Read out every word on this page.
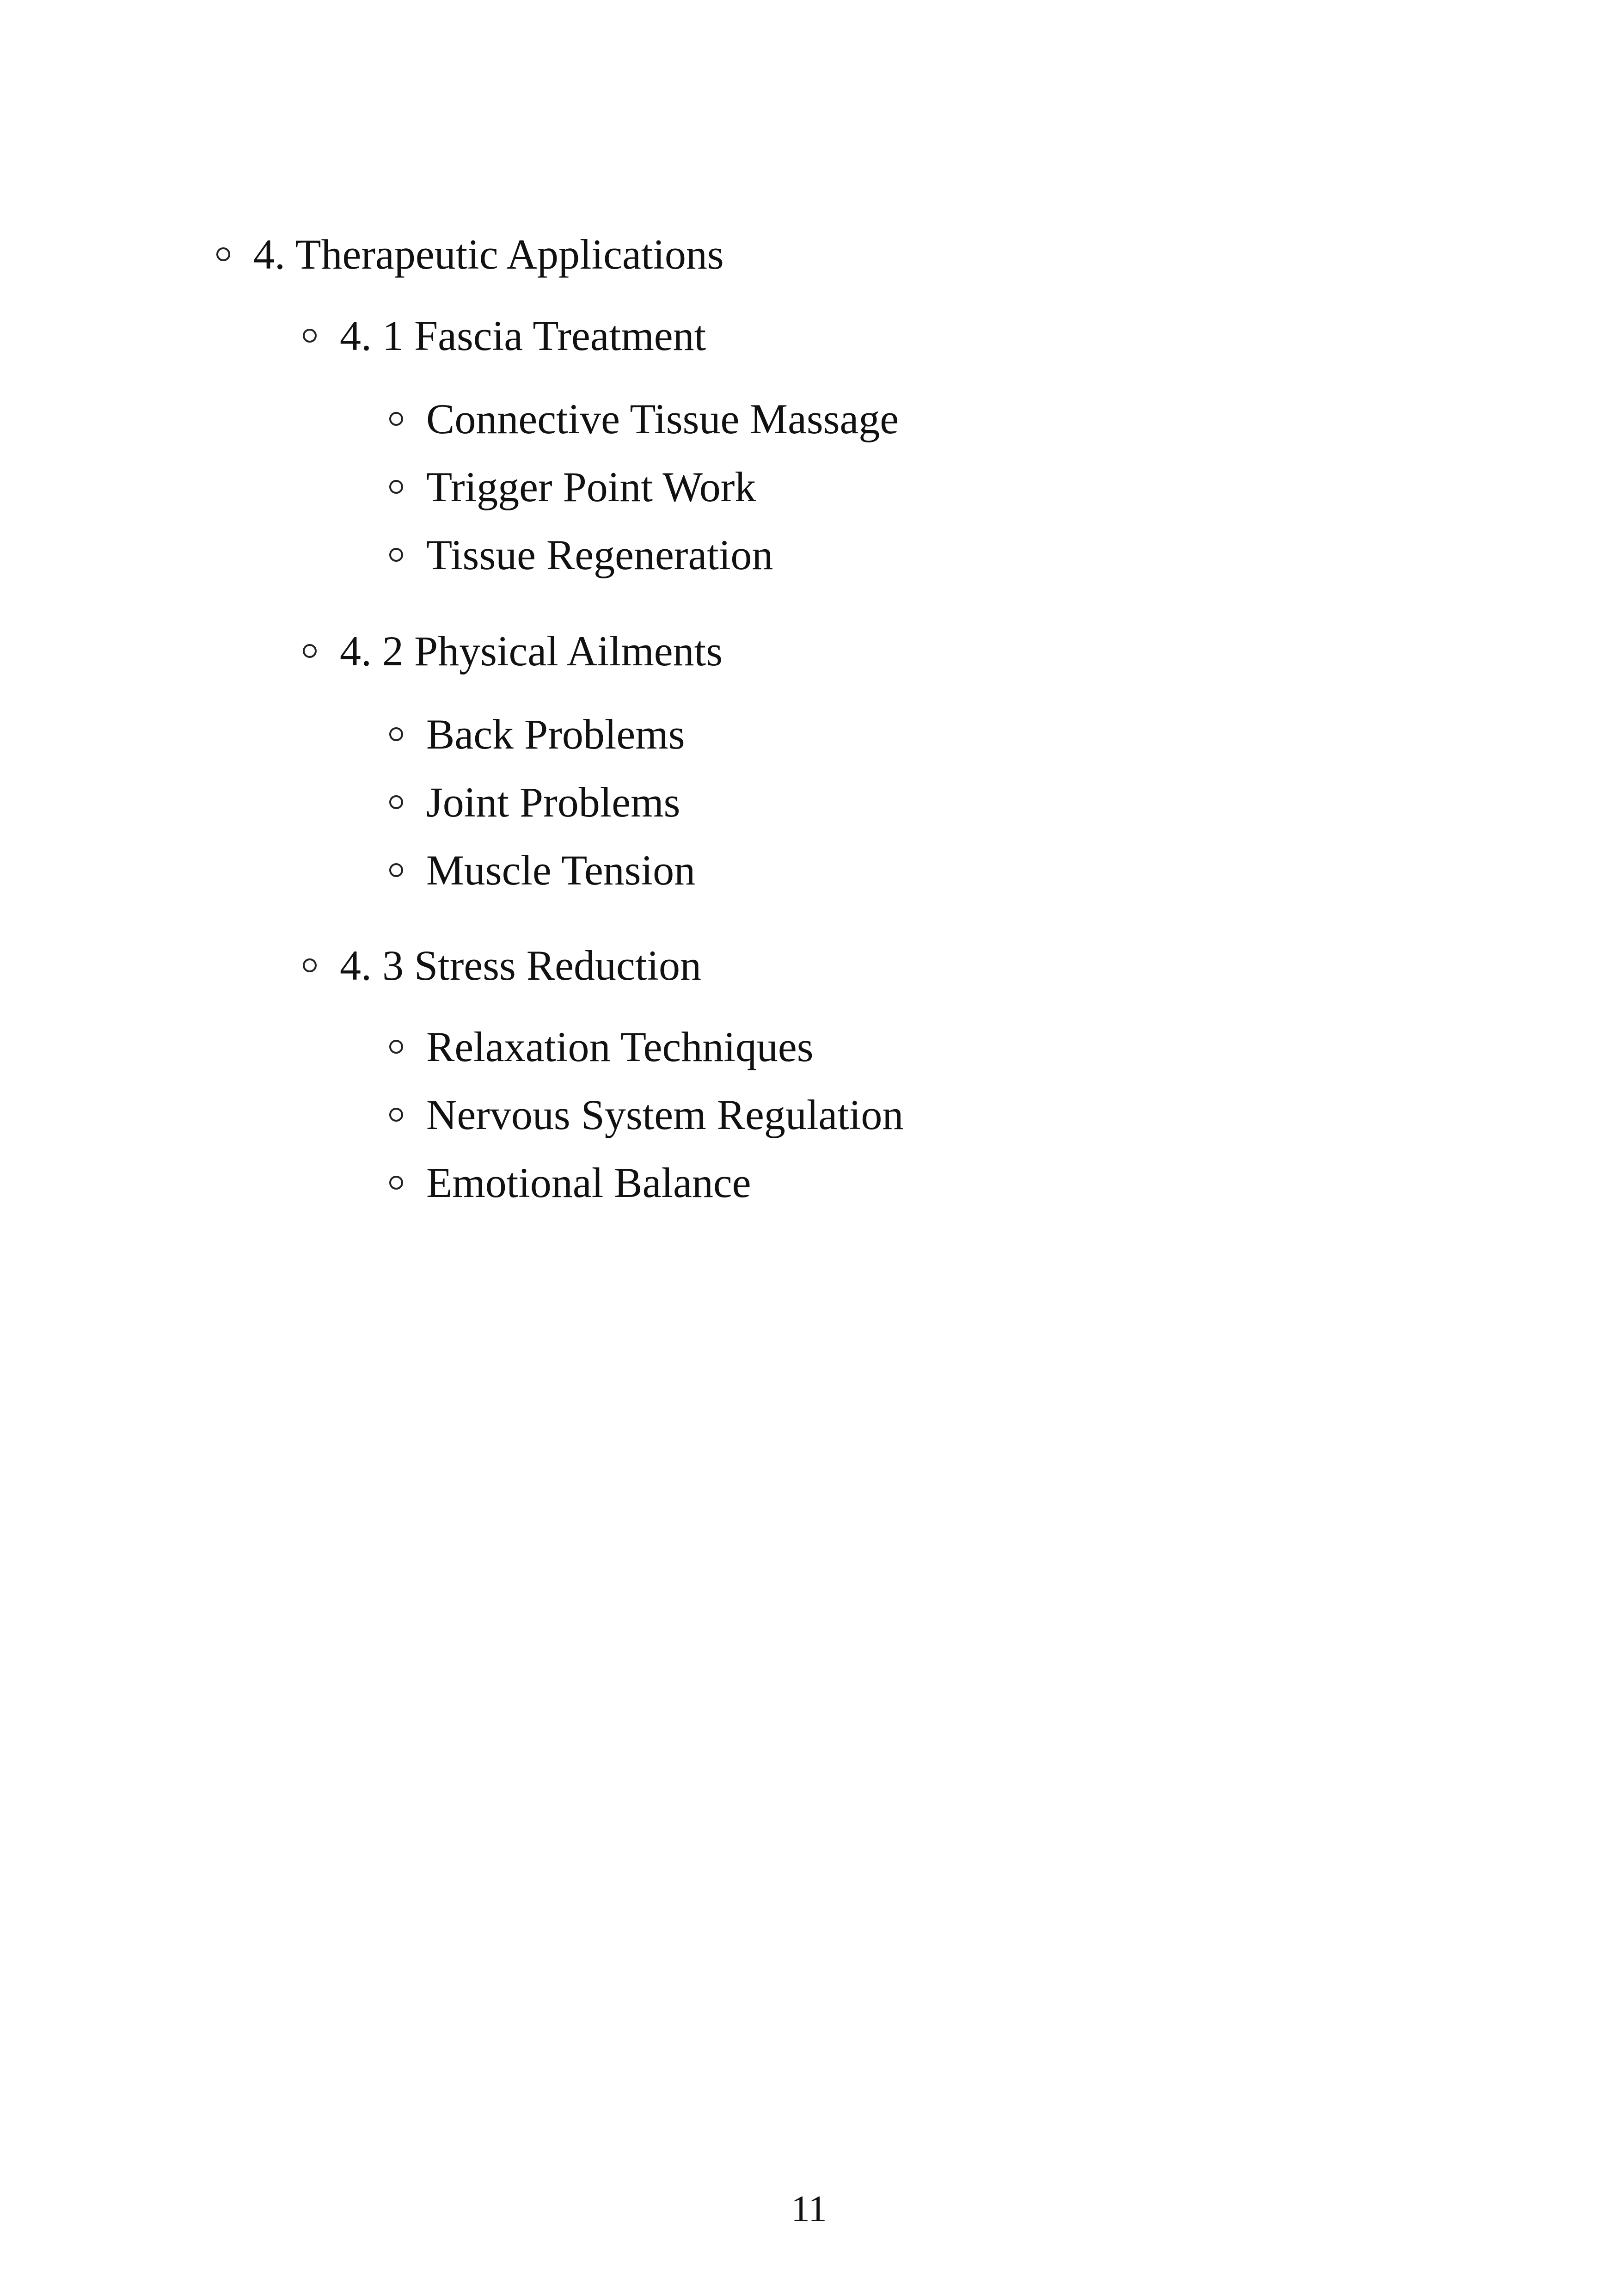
4. Therapeutic Applications
4. 1 Fascia Treatment
Connective Tissue Massage
Trigger Point Work
Tissue Regeneration
4. 2 Physical Ailments
Back Problems
Joint Problems
Muscle Tension
4. 3 Stress Reduction
Relaxation Techniques
Nervous System Regulation
Emotional Balance
11
